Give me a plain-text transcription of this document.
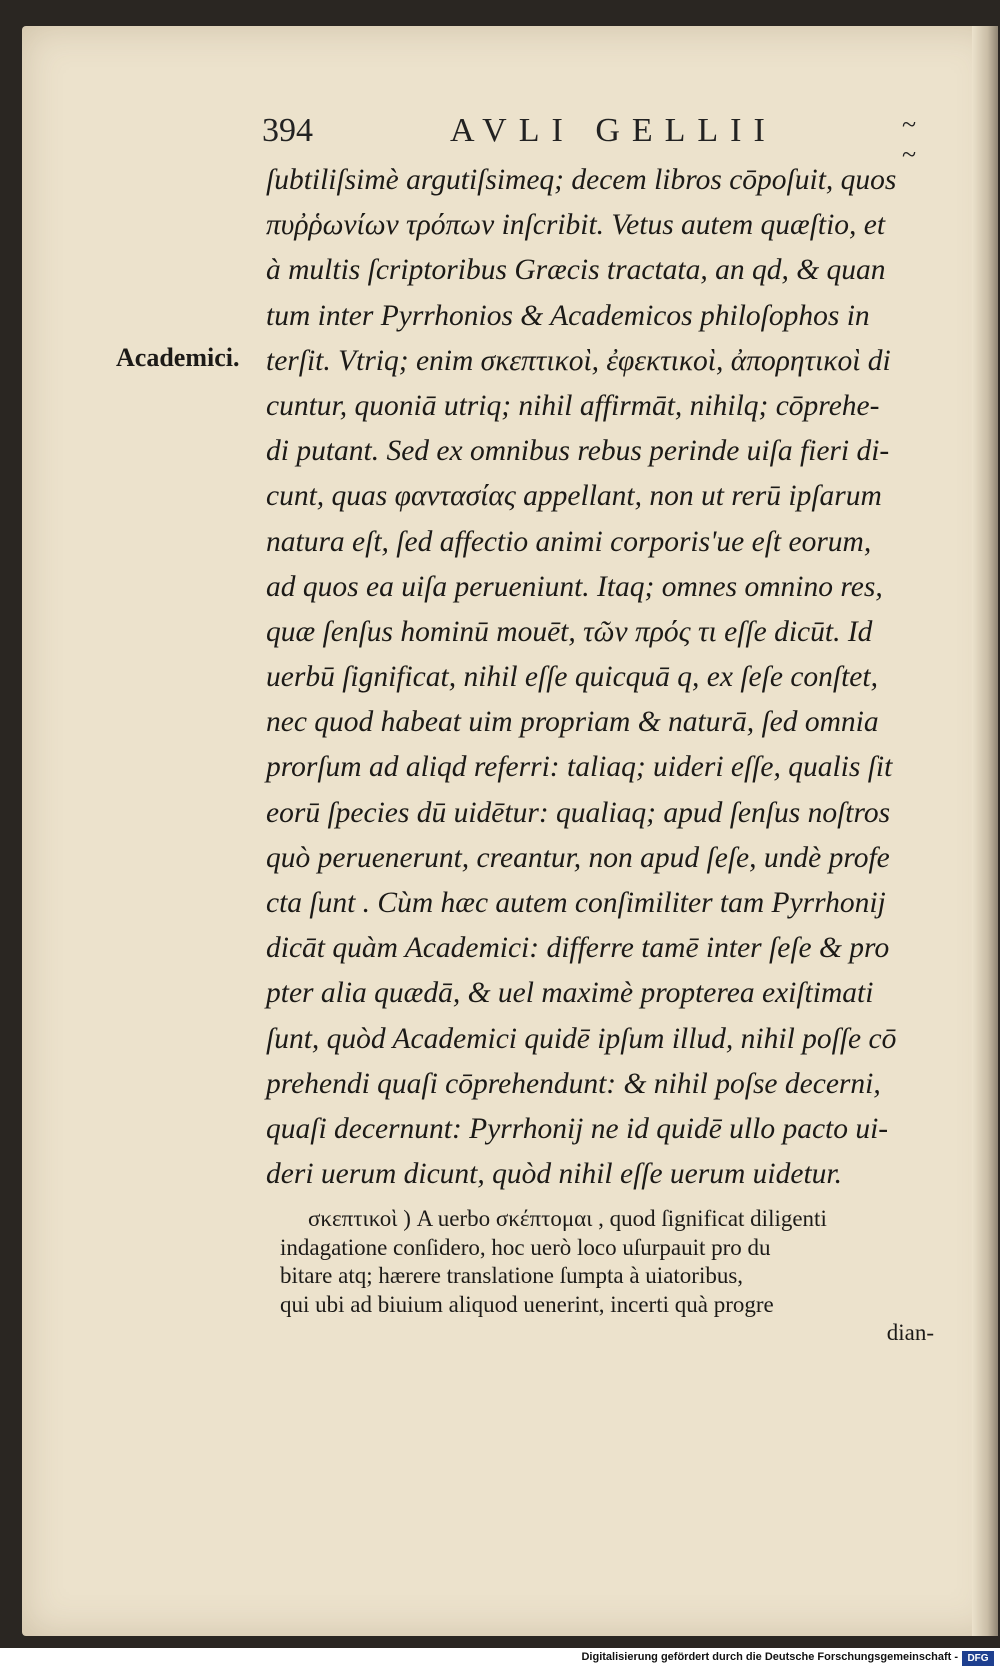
394	AVLI GELLII	~ ~
Academici.
ſubtiliſsimè argutiſsimeq; decem libros cōpoſuit, quos
πυῤῥωνίων τρόπων inſcribit. Vetus autem quæſtio, et
à multis ſcriptoribus Græcis tractata, an qd, & quan
tum inter Pyrrhonios & Academicos philoſophos in
terſit. Vtriq; enim σκεπτικοὶ, ἐφεκτικοὶ, ἀπορητικοὶ di
cuntur, quoniā utriq; nihil affirmāt, nihilq; cōprehe-
di putant. Sed ex omnibus rebus perinde uiſa fieri di-
cunt, quas φαντασίας appellant, non ut rerū ipſarum
natura eſt, ſed affectio animi corporis'ue eſt eorum,
ad quos ea uiſa perueniunt. Itaq; omnes omnino res,
quæ ſenſus hominū mouēt, τῶν πρός τι eſſe dicūt. Id
uerbū ſignificat, nihil eſſe quicquā q, ex ſeſe conſtet,
nec quod habeat uim propriam & naturā, ſed omnia
prorſum ad aliqd referri: taliaq; uideri eſſe, qualis ſit
eorū ſpecies dū uidētur: qualiaq; apud ſenſus noſtros
quò peruenerunt, creantur, non apud ſeſe, undè profe
cta ſunt . Cùm hæc autem conſimiliter tam Pyrrhonij
dicāt quàm Academici: differre tamē inter ſeſe & pro
pter alia quædā, & uel maximè propterea exiſtimati
ſunt, quòd Academici quidē ipſum illud, nihil poſſe cō
prehendi quaſi cōprehendunt: & nihil poſse decerni,
quaſi decernunt: Pyrrhonij ne id quidē ullo pacto ui-
deri uerum dicunt, quòd nihil eſſe uerum uidetur.
σκεπτικοὶ ) A uerbo σκέπτομαι , quod ſignificat diligenti
indagatione conſidero, hoc uerò loco uſurpauit pro du
bitare atq; hærere translatione ſumpta à uiatoribus,
qui ubi ad biuium aliquod uenerint, incerti quà progre
dian-
Digitalisierung gefördert durch die Deutsche Forschungsgemeinschaft - DFG
